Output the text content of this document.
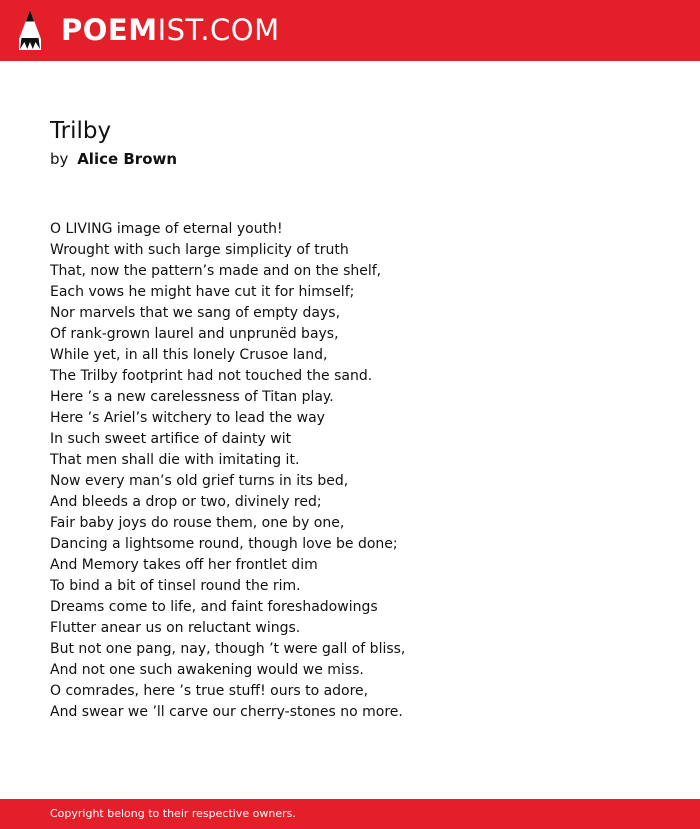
POEMIST.COM
Trilby
by Alice Brown
O LIVING image of eternal youth!
Wrought with such large simplicity of truth
That, now the pattern’s made and on the shelf,
Each vows he might have cut it for himself;
Nor marvels that we sang of empty days,
Of rank-grown laurel and unprunëd bays,
While yet, in all this lonely Crusoe land,
The Trilby footprint had not touched the sand.
Here ’s a new carelessness of Titan play.
Here ’s Ariel’s witchery to lead the way
In such sweet artifice of dainty wit
That men shall die with imitating it.
Now every man’s old grief turns in its bed,
And bleeds a drop or two, divinely red;
Fair baby joys do rouse them, one by one,
Dancing a lightsome round, though love be done;
And Memory takes off her frontlet dim
To bind a bit of tinsel round the rim.
Dreams come to life, and faint foreshadowings
Flutter anear us on reluctant wings.
But not one pang, nay, though ’t were gall of bliss,
And not one such awakening would we miss.
O comrades, here ’s true stuff! ours to adore,
And swear we ’ll carve our cherry-stones no more.
Copyright belong to their respective owners.
